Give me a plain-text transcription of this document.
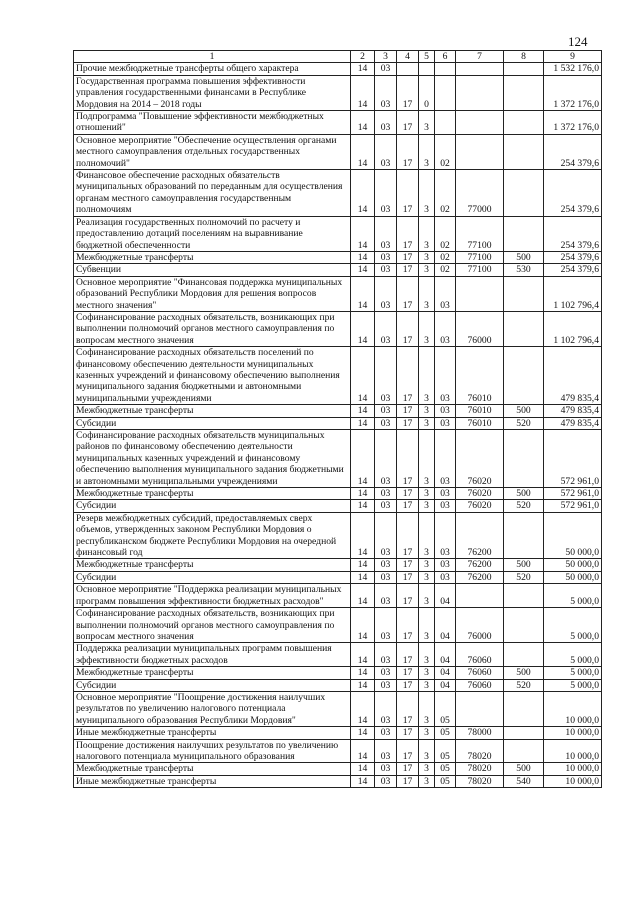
124
1	2	3	4	5	6	7	8	9
Прочие межбюджетные трансферты общего характера	14	03						1 532 176,0
Государственная программа повышения эффективности управления государственными финансами в Республике Мордовия на 2014 – 2018 годы	14	03	17	0				1 372 176,0
Подпрограмма "Повышение эффективности межбюджетных отношений"	14	03	17	3				1 372 176,0
Основное мероприятие "Обеспечение осуществления органами местного самоуправления отдельных государственных полномочий"	14	03	17	3	02			254 379,6
Финансовое обеспечение расходных обязательств муниципальных образований по переданным для осуществления органам местного самоуправления государственным полномочиям	14	03	17	3	02	77000		254 379,6
Реализация государственных полномочий по расчету и предоставлению дотаций поселениям на выравнивание бюджетной обеспеченности	14	03	17	3	02	77100		254 379,6
Межбюджетные трансферты	14	03	17	3	02	77100	500	254 379,6
Субвенции	14	03	17	3	02	77100	530	254 379,6
Основное мероприятие "Финансовая поддержка муниципальных образований Республики Мордовия для решения вопросов местного значения"	14	03	17	3	03			1 102 796,4
Софинансирование расходных обязательств, возникающих при выполнении полномочий органов местного самоуправления по вопросам местного значения	14	03	17	3	03	76000		1 102 796,4
Софинансирование расходных обязательств поселений по финансовому обеспечению деятельности муниципальных казенных учреждений и финансовому обеспечению выполнения муниципального задания бюджетными и автономными муниципальными учреждениями	14	03	17	3	03	76010		479 835,4
Межбюджетные трансферты	14	03	17	3	03	76010	500	479 835,4
Субсидии	14	03	17	3	03	76010	520	479 835,4
Софинансирование расходных обязательств муниципальных районов по финансовому обеспечению деятельности муниципальных казенных учреждений и финансовому обеспечению выполнения муниципального задания бюджетными и автономными муниципальными учреждениями	14	03	17	3	03	76020		572 961,0
Межбюджетные трансферты	14	03	17	3	03	76020	500	572 961,0
Субсидии	14	03	17	3	03	76020	520	572 961,0
Резерв межбюджетных субсидий, предоставляемых сверх объемов, утвержденных законом Республики Мордовия о республиканском бюджете Республики Мордовия на очередной финансовый год	14	03	17	3	03	76200		50 000,0
Межбюджетные трансферты	14	03	17	3	03	76200	500	50 000,0
Субсидии	14	03	17	3	03	76200	520	50 000,0
Основное мероприятие "Поддержка реализации муниципальных программ повышения эффективности бюджетных расходов"	14	03	17	3	04			5 000,0
Софинансирование расходных обязательств, возникающих при выполнении полномочий органов местного самоуправления по вопросам местного значения	14	03	17	3	04	76000		5 000,0
Поддержка реализации муниципальных программ повышения эффективности бюджетных расходов	14	03	17	3	04	76060		5 000,0
Межбюджетные трансферты	14	03	17	3	04	76060	500	5 000,0
Субсидии	14	03	17	3	04	76060	520	5 000,0
Основное мероприятие "Поощрение достижения наилучших результатов по увеличению налогового потенциала муниципального образования Республики Мордовия"	14	03	17	3	05			10 000,0
Иные межбюджетные трансферты	14	03	17	3	05	78000		10 000,0
Поощрение достижения наилучших результатов по увеличению налогового потенциала муниципального образования	14	03	17	3	05	78020		10 000,0
Межбюджетные трансферты	14	03	17	3	05	78020	500	10 000,0
Иные межбюджетные трансферты	14	03	17	3	05	78020	540	10 000,0
